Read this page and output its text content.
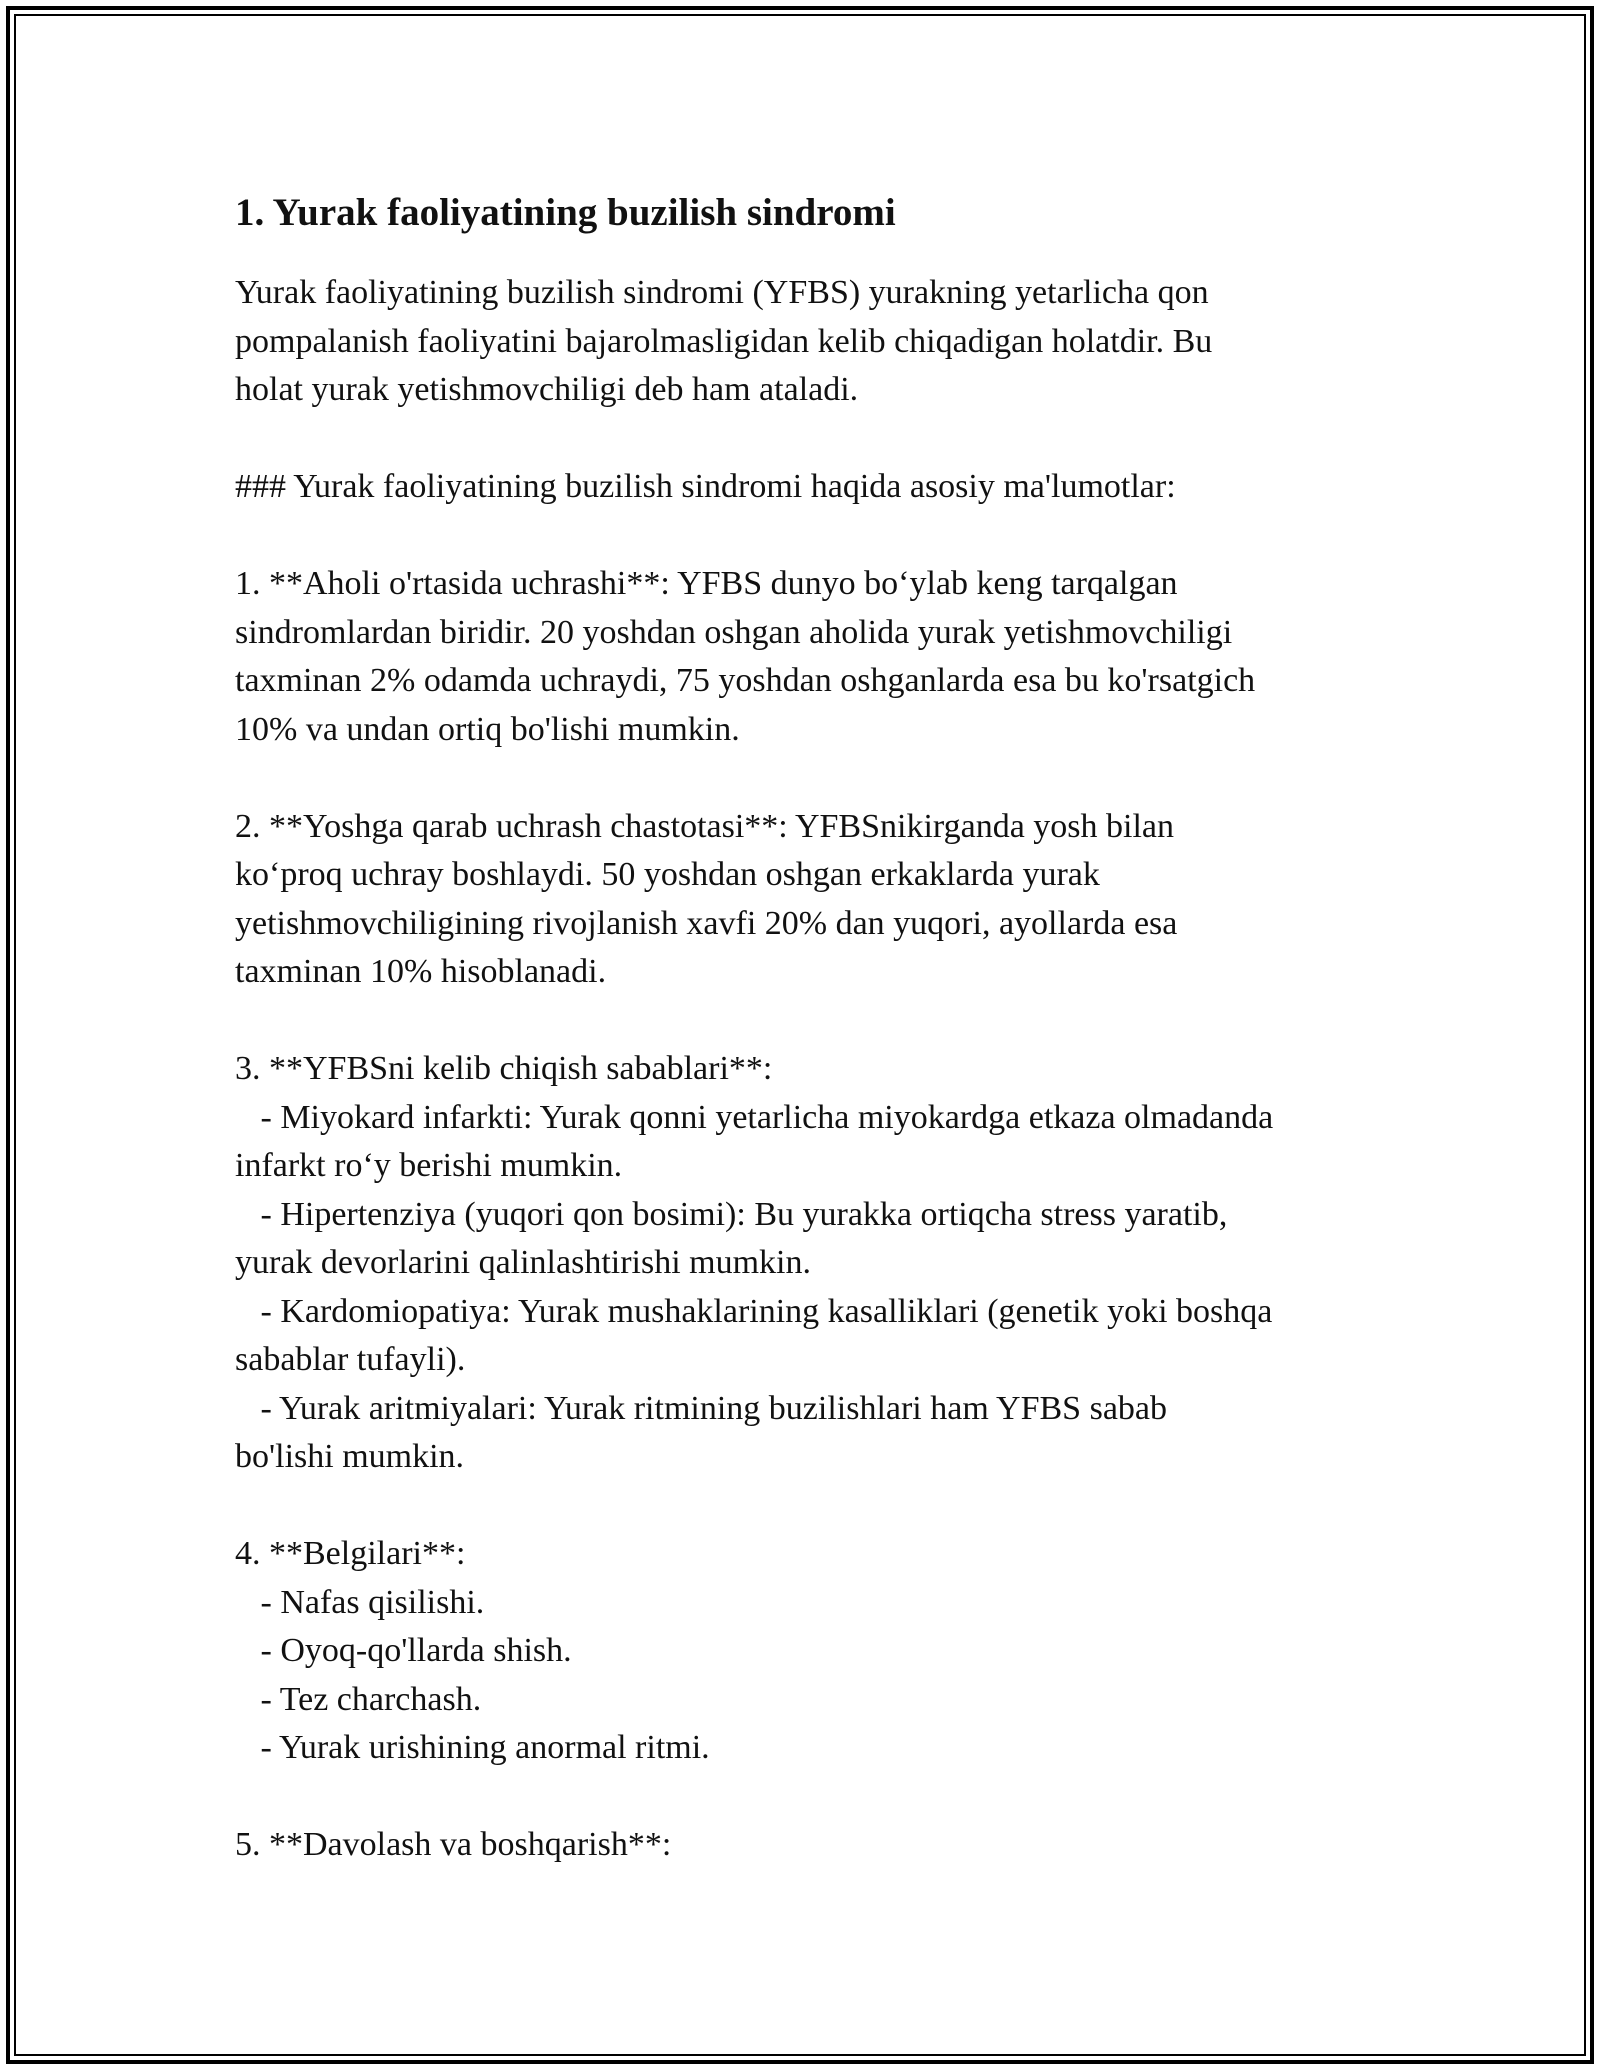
1. Yurak faoliyatining buzilish sindromi
Yurak faoliyatining buzilish sindromi (YFBS) yurakning yetarlicha qon
pompalanish faoliyatini bajarolmasligidan kelib chiqadigan holatdir. Bu
holat yurak yetishmovchiligi deb ham ataladi.
### Yurak faoliyatining buzilish sindromi haqida asosiy ma'lumotlar:
1. **Aholi o'rtasida uchrashi**: YFBS dunyo bo‘ylab keng tarqalgan
sindromlardan biridir. 20 yoshdan oshgan aholida yurak yetishmovchiligi
taxminan 2% odamda uchraydi, 75 yoshdan oshganlarda esa bu ko'rsatgich
10% va undan ortiq bo'lishi mumkin.
2. **Yoshga qarab uchrash chastotasi**: YFBSnikirganda yosh bilan
ko‘proq uchray boshlaydi. 50 yoshdan oshgan erkaklarda yurak
yetishmovchiligining rivojlanish xavfi 20% dan yuqori, ayollarda esa
taxminan 10% hisoblanadi.
3. **YFBSni kelib chiqish sabablari**:
- Miyokard infarkti: Yurak qonni yetarlicha miyokardga etkaza olmadanda
infarkt ro‘y berishi mumkin.
- Hipertenziya (yuqori qon bosimi): Bu yurakka ortiqcha stress yaratib,
yurak devorlarini qalinlashtirishi mumkin.
- Kardomiopatiya: Yurak mushaklarining kasalliklari (genetik yoki boshqa
sabablar tufayli).
- Yurak aritmiyalari: Yurak ritmining buzilishlari ham YFBS sabab
bo'lishi mumkin.
4. **Belgilari**:
- Nafas qisilishi.
- Oyoq-qo'llarda shish.
- Tez charchash.
- Yurak urishining anormal ritmi.
5. **Davolash va boshqarish**:
